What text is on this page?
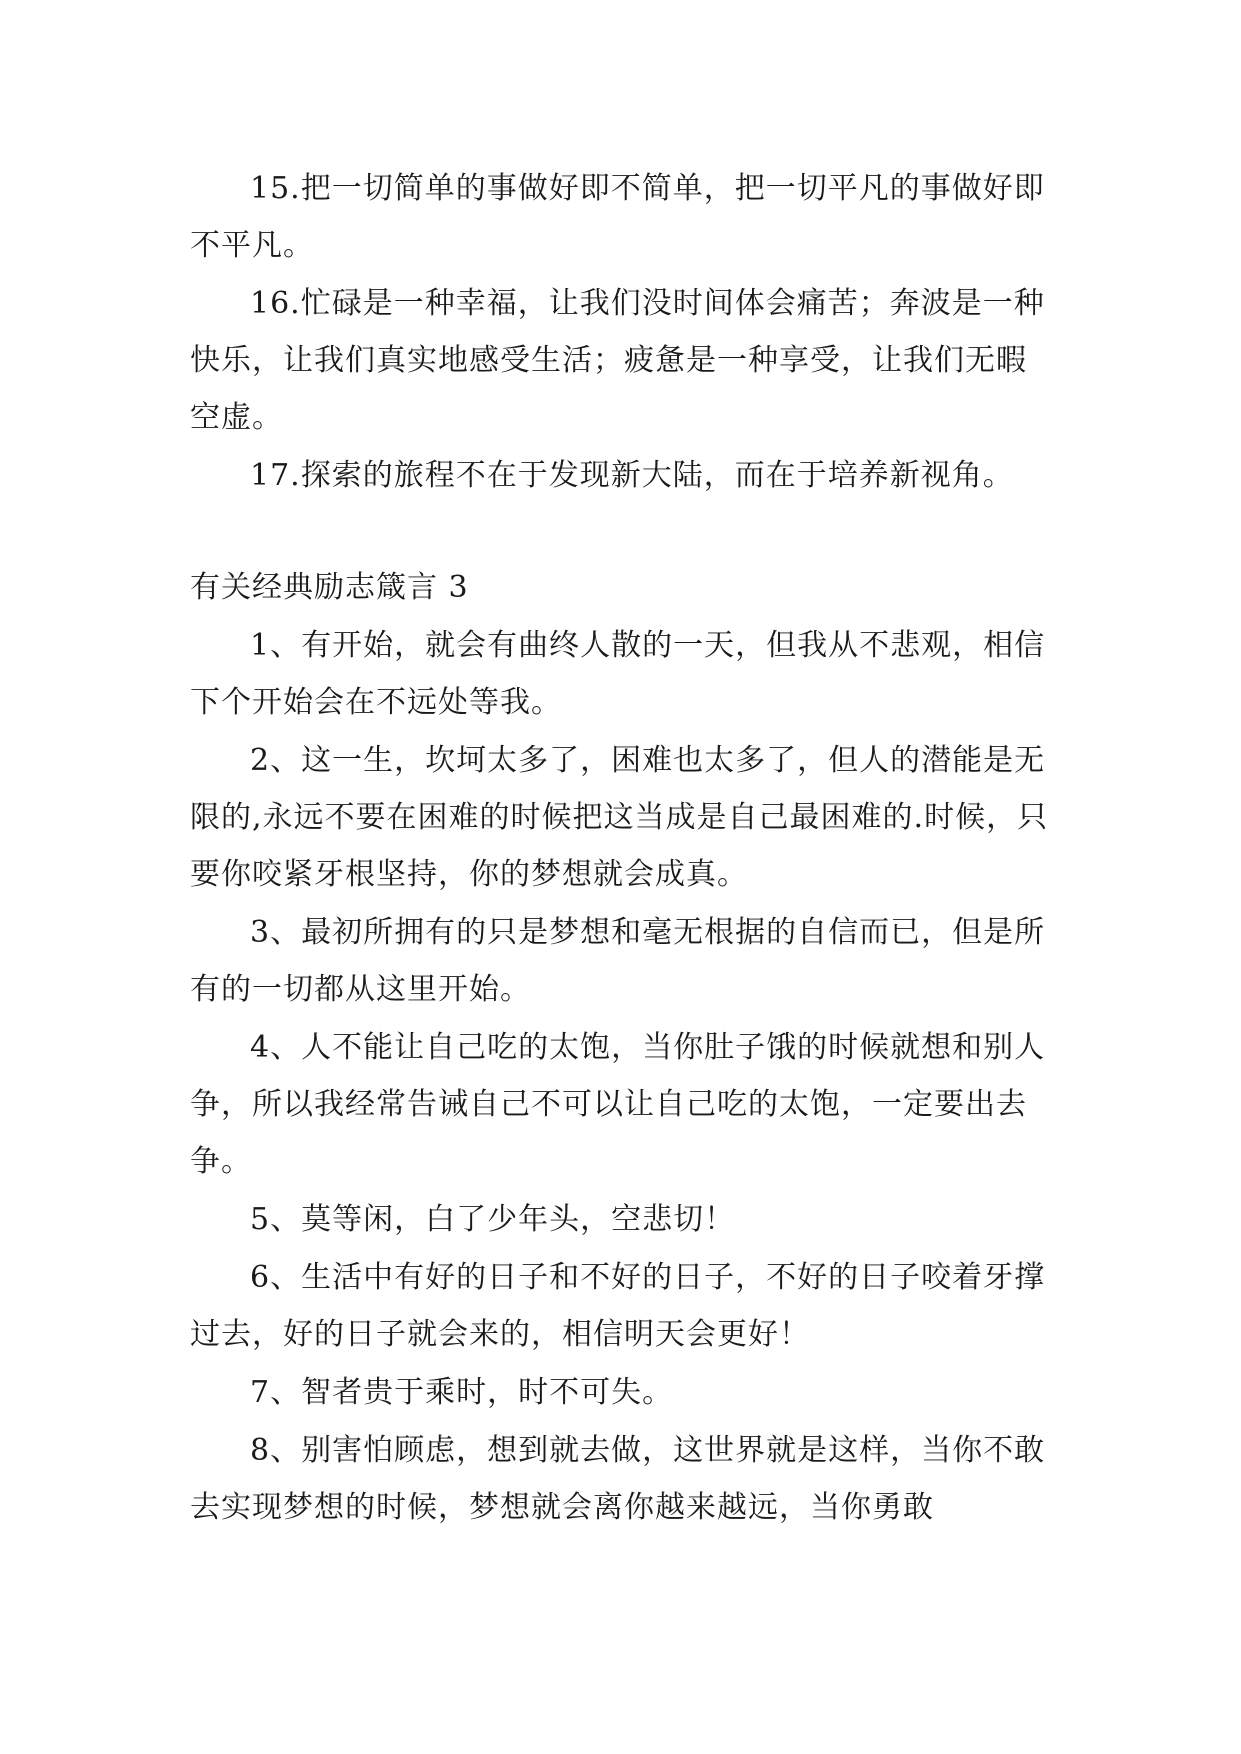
15.把一切简单的事做好即不简单，把一切平凡的事做好即不平凡。

16.忙碌是一种幸福，让我们没时间体会痛苦；奔波是一种快乐，让我们真实地感受生活；疲惫是一种享受，让我们无暇空虚。

17.探索的旅程不在于发现新大陆，而在于培养新视角。

有关经典励志箴言 3

1、有开始，就会有曲终人散的一天，但我从不悲观，相信下个开始会在不远处等我。

2、这一生，坎坷太多了，困难也太多了，但人的潜能是无限的,永远不要在困难的时候把这当成是自己最困难的.时候，只要你咬紧牙根坚持，你的梦想就会成真。

3、最初所拥有的只是梦想和毫无根据的自信而已，但是所有的一切都从这里开始。

4、人不能让自己吃的太饱，当你肚子饿的时候就想和别人争，所以我经常告诫自己不可以让自己吃的太饱，一定要出去争。

5、莫等闲，白了少年头，空悲切！

6、生活中有好的日子和不好的日子，不好的日子咬着牙撑过去，好的日子就会来的，相信明天会更好！

7、智者贵于乘时，时不可失。

8、别害怕顾虑，想到就去做，这世界就是这样，当你不敢去实现梦想的时候，梦想就会离你越来越远，当你勇敢
